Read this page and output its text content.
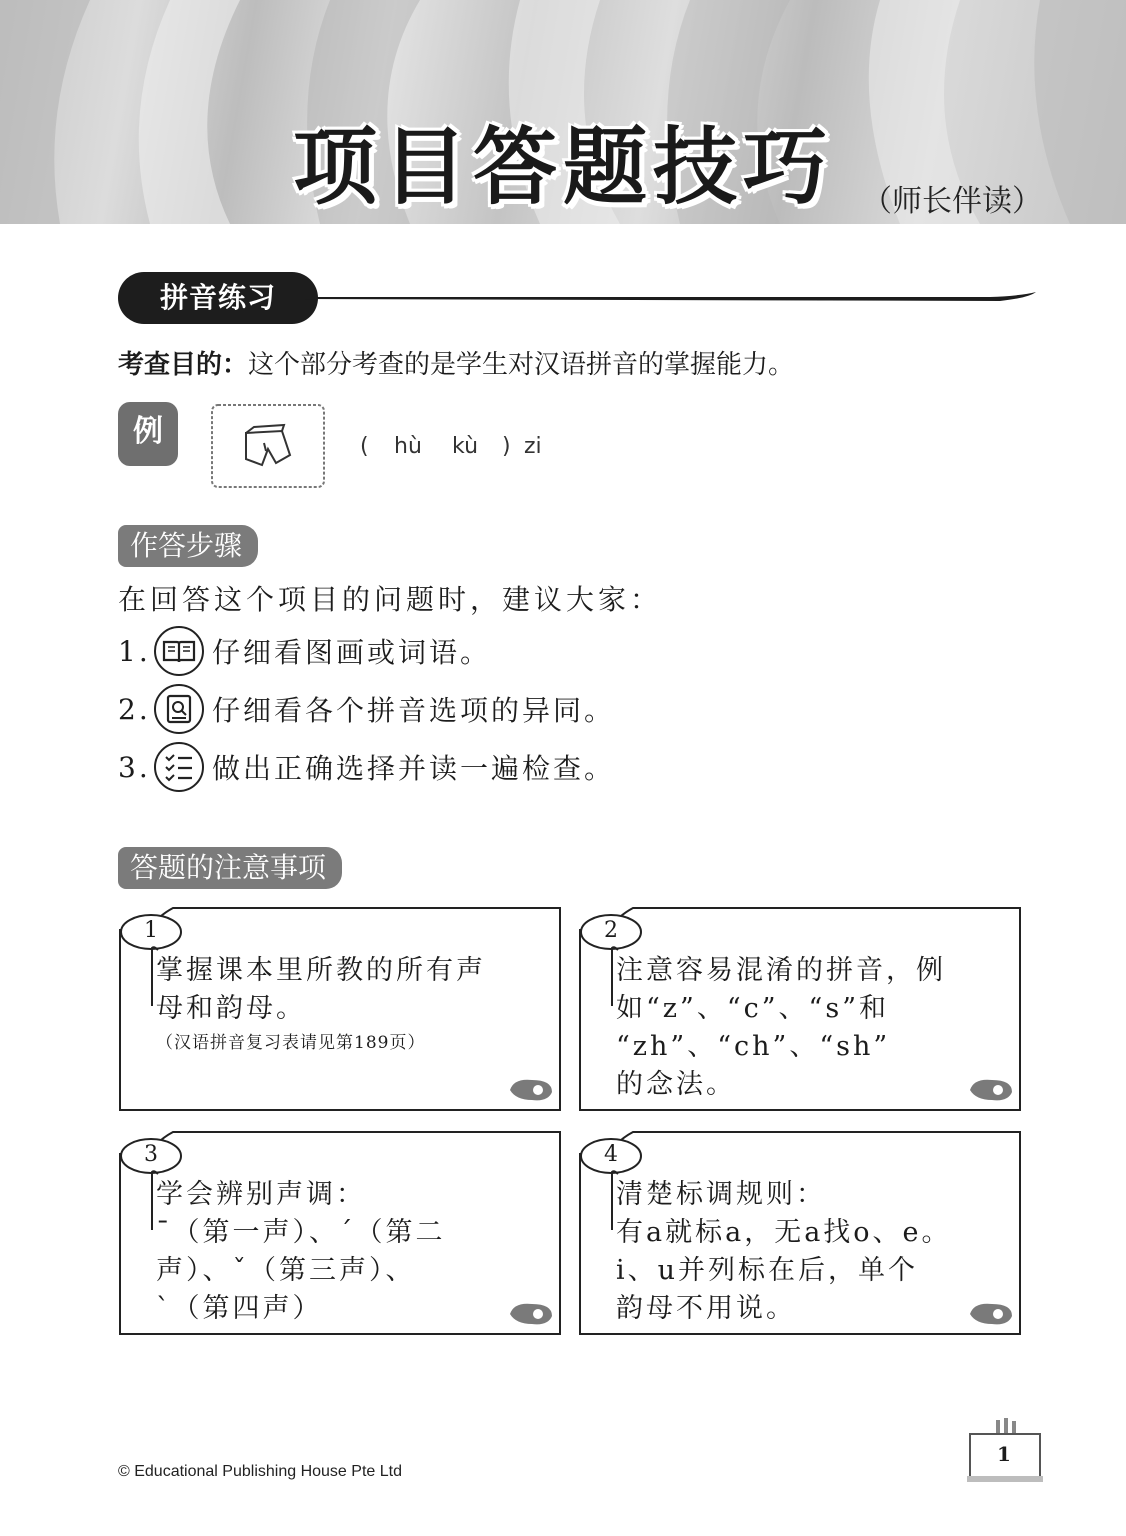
项目答题技巧 （师长伴读）
拼音练习
考查目的：这个部分考查的是学生对汉语拼音的掌握能力。
例	( hù kù ) zi
作答步骤
在回答这个项目的问题时，建议大家：
1. 仔细看图画或词语。
2. 仔细看各个拼音选项的异同。
3. 做出正确选择并读一遍检查。
答题的注意事项
1
掌握课本里所教的所有声
母和韵母。
（汉语拼音复习表请见第189页）
2
注意容易混淆的拼音，例
如“z”、“c”、“s”和
“zh”、“ch”、“sh”
的念法。
3
学会辨别声调：
ˉ（第一声）、ˊ（第二
声）、ˇ（第三声）、
ˋ（第四声）
4
清楚标调规则：
有a就标a，无a找o、e。
i、u并列标在后，单个
韵母不用说。
© Educational Publishing House Pte Ltd
1
